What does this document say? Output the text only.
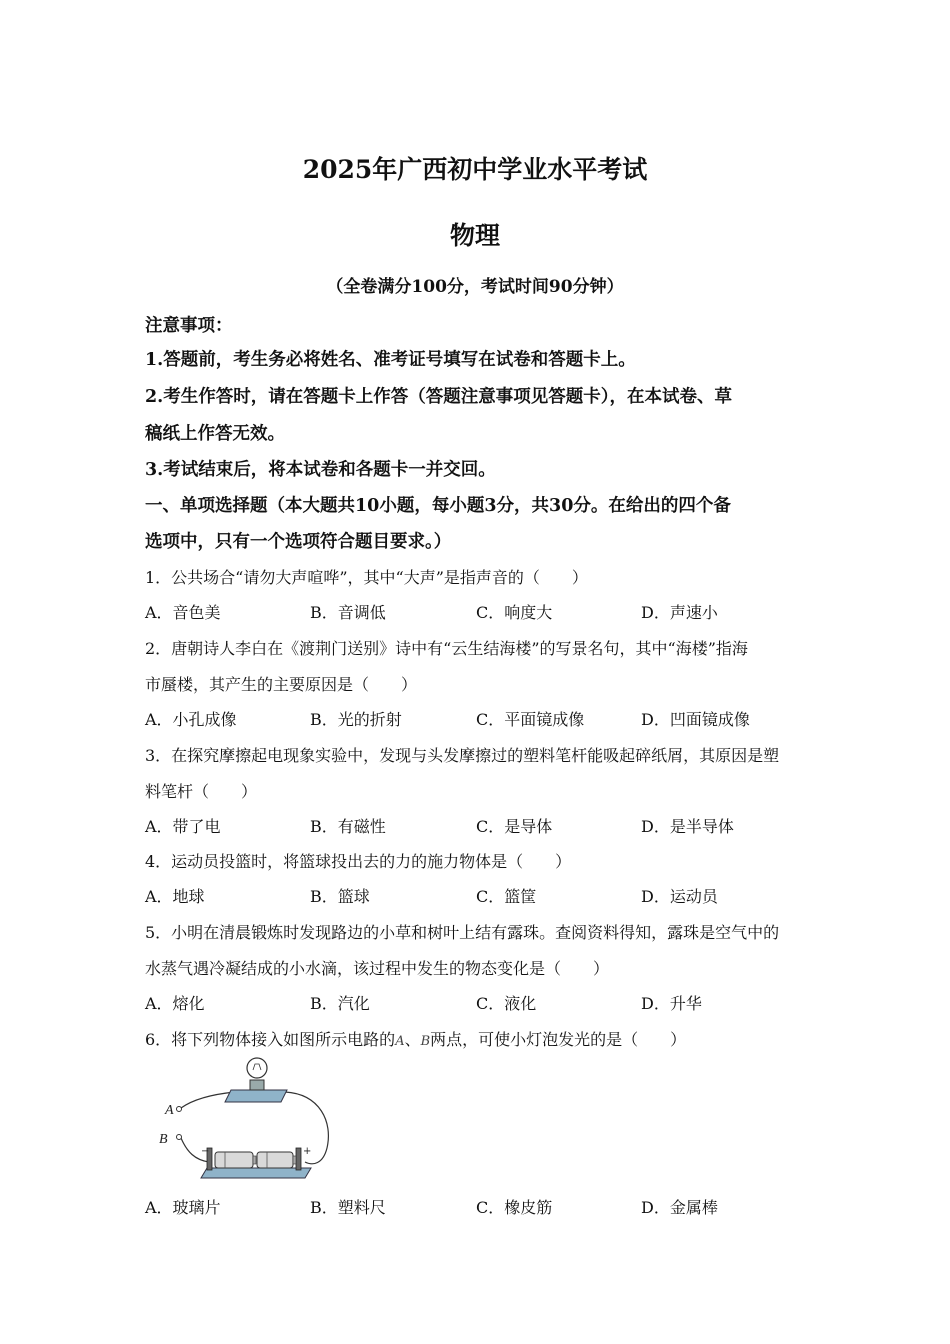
2025年广西初中学业水平考试
物理
（全卷满分100分，考试时间90分钟）
注意事项：
1.答题前，考生务必将姓名、准考证号填写在试卷和答题卡上。
2.考生作答时，请在答题卡上作答（答题注意事项见答题卡），在本试卷、草
稿纸上作答无效。
3.考试结束后，将本试卷和各题卡一并交回。
一、单项选择题（本大题共10小题，每小题3分，共30分。在给出的四个备
选项中，只有一个选项符合题目要求。）
1．公共场合“请勿大声喧哗”，其中“大声”是指声音的（　　）
A．音色美	B．音调低	C．响度大	D．声速小
2．唐朝诗人李白在《渡荆门送别》诗中有“云生结海楼”的写景名句，其中“海楼”指海
市蜃楼，其产生的主要原因是（　　）
A．小孔成像	B．光的折射	C．平面镜成像	D．凹面镜成像
3．在探究摩擦起电现象实验中，发现与头发摩擦过的塑料笔杆能吸起碎纸屑，其原因是塑
料笔杆（　　）
A．带了电	B．有磁性	C．是导体	D．是半导体
4．运动员投篮时，将篮球投出去的力的施力物体是（　　）
A．地球	B．篮球	C．篮筐	D．运动员
5．小明在清晨锻炼时发现路边的小草和树叶上结有露珠。查阅资料得知，露珠是空气中的
水蒸气遇冷凝结成的小水滴，该过程中发生的物态变化是（　　）
A．熔化	B．汽化	C．液化	D．升华
6．将下列物体接入如图所示电路的A、B两点，可使小灯泡发光的是（　　）
A
B
−	+
A．玻璃片	B．塑料尺	C．橡皮筋	D．金属棒
